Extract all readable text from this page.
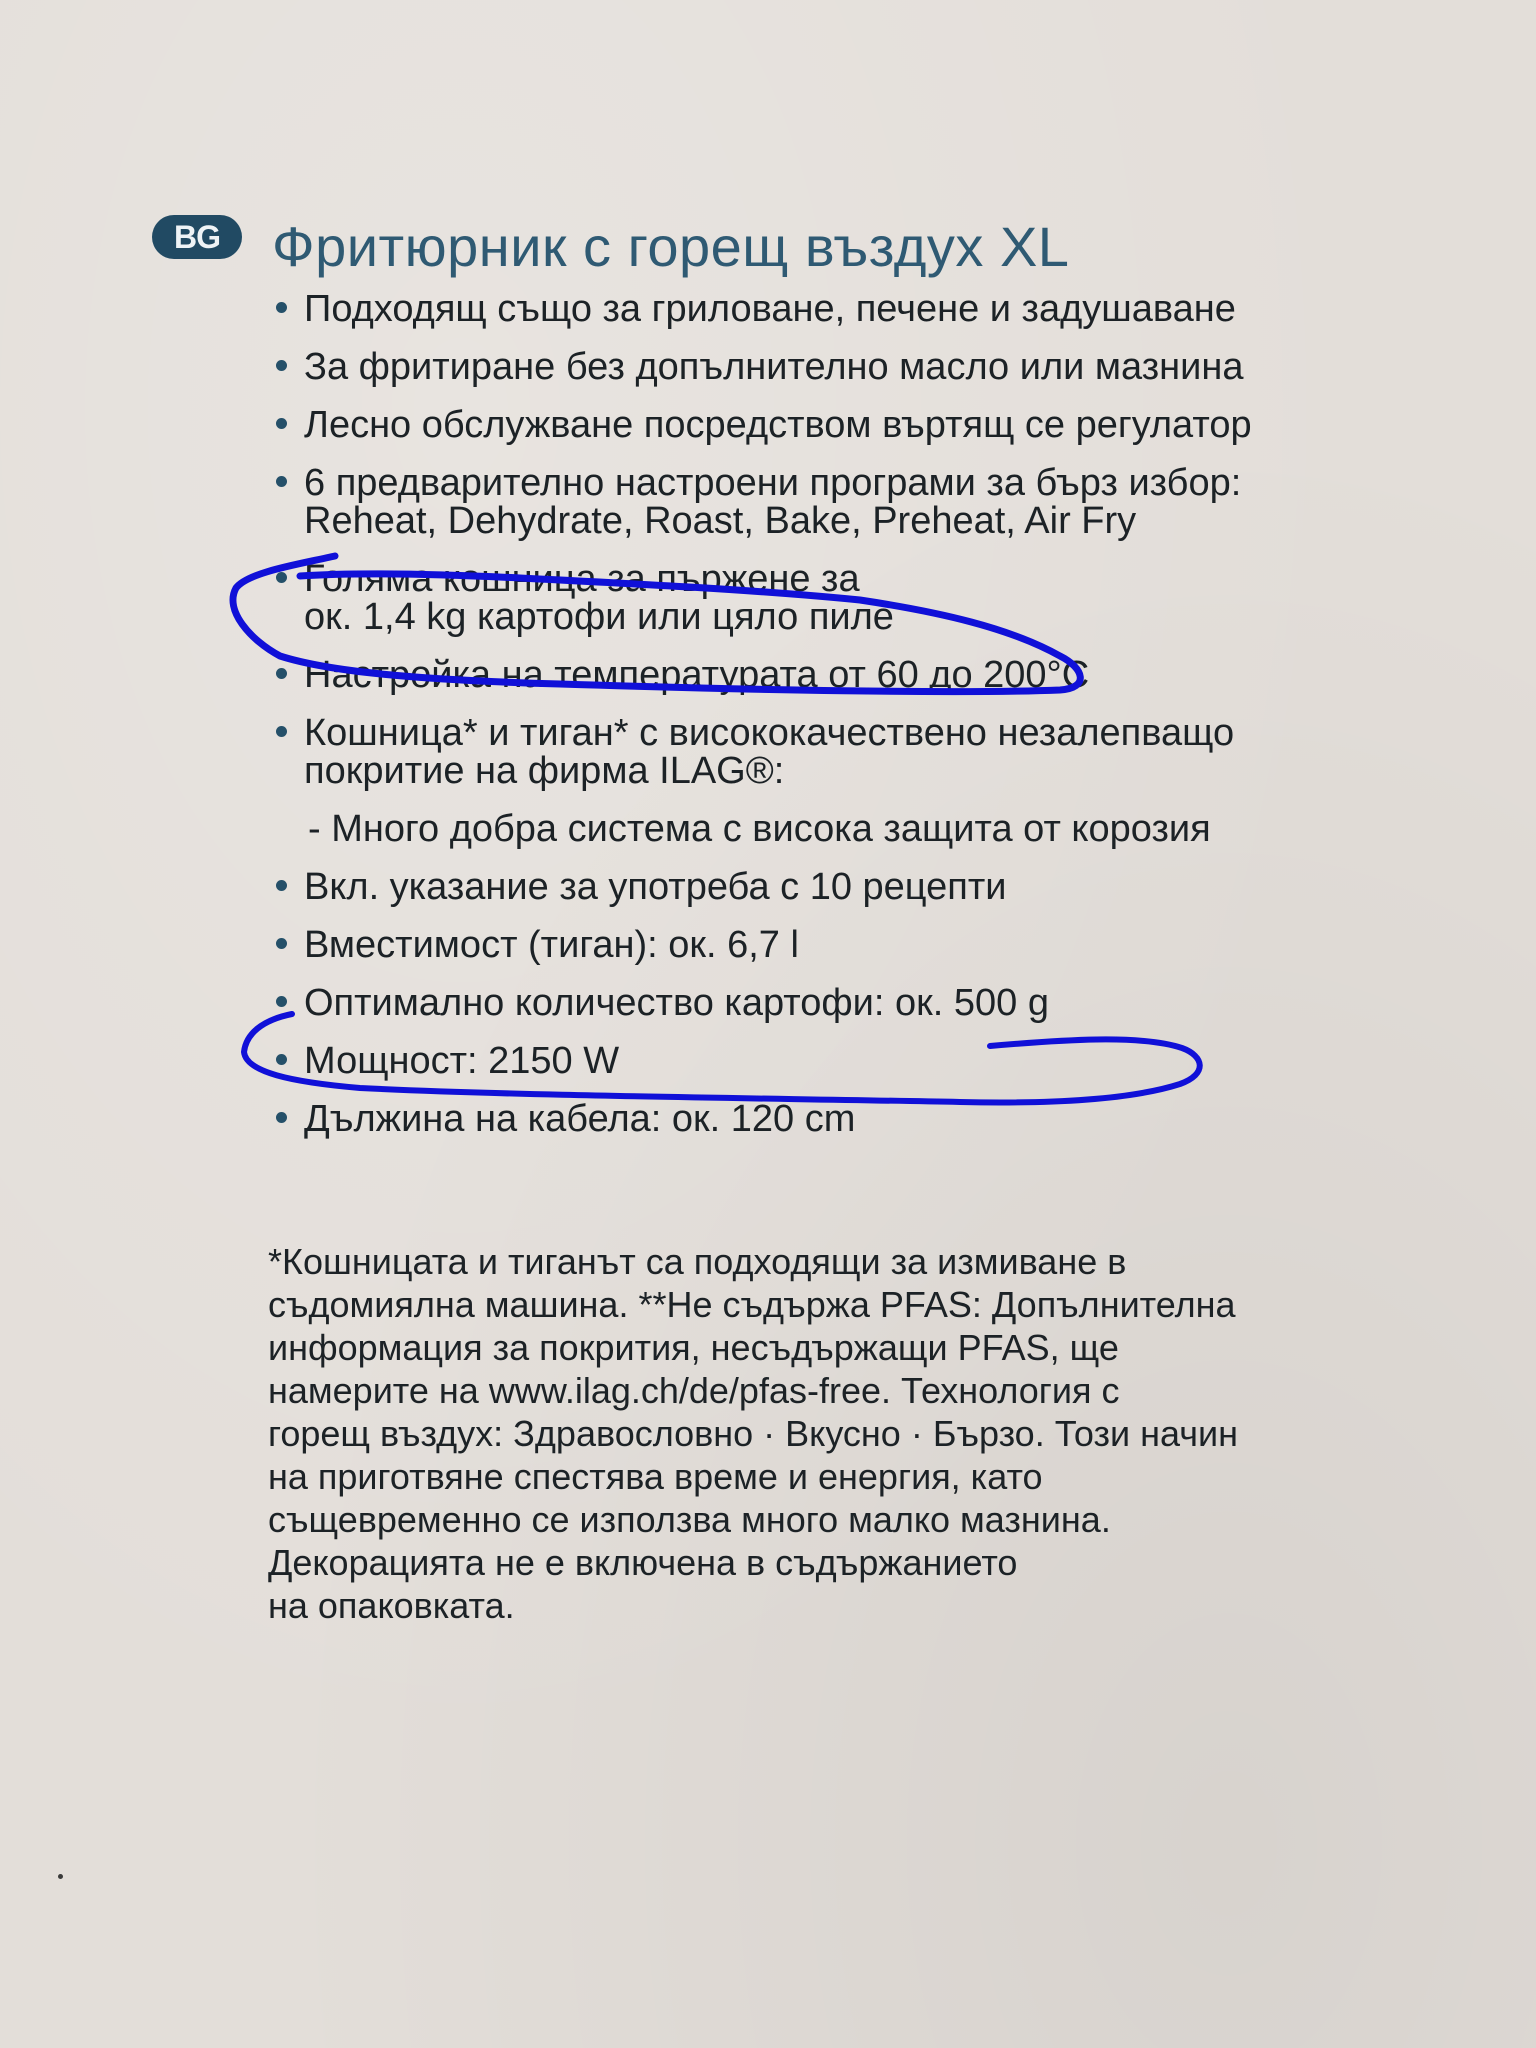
BG Фритюрник с горещ въздух XL
Подходящ също за гриловане, печене и задушаване
За фритиране без допълнително масло или мазнина
Лесно обслужване посредством въртящ се регулатор
6 предварително настроени програми за бърз избор:
Reheat, Dehydrate, Roast, Bake, Preheat, Air Fry
Голяма кошница за пържене за
ок. 1,4 kg картофи или цяло пиле
Настройка на температурата от 60 до 200°C
Кошница* и тиган* с висококачествено незалепващо
покритие на фирма ILAG®:
- Много добра система с висока защита от корозия
Вкл. указание за употреба с 10 рецепти
Вместимост (тиган): ок. 6,7 l
Оптимално количество картофи: ок. 500 g
Мощност: 2150 W
Дължина на кабела: ок. 120 cm
*Кошницата и тиганът са подходящи за измиване в
съдомиялна машина. **Не съдържа PFAS: Допълнителна
информация за покрития, несъдържащи PFAS, ще
намерите на www.ilag.ch/de/pfas-free. Технология с
горещ въздух: Здравословно · Вкусно · Бързо. Този начин
на приготвяне спестява време и енергия, като
същевременно се използва много малко мазнина.
Декорацията не е включена в съдържанието
на опаковката.
